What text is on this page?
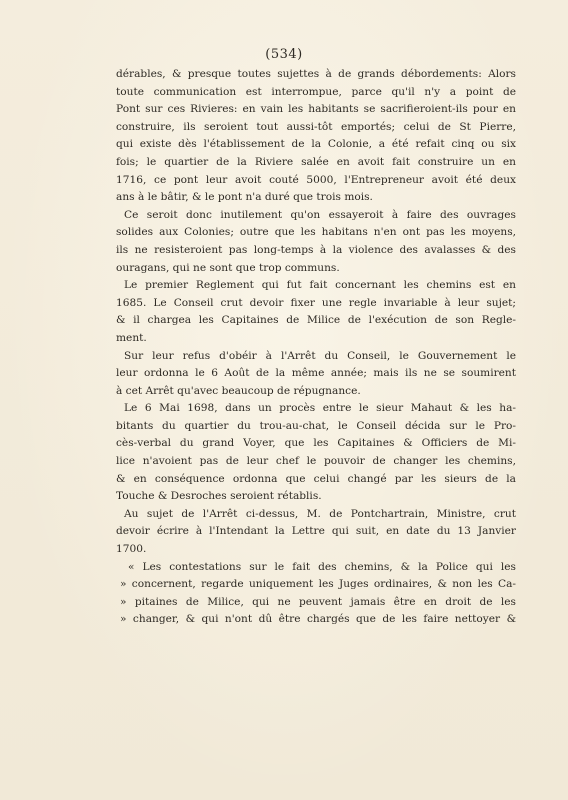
(534)

dérables, & presque toutes sujettes à de grands débordements: Alors

toute communication est interrompue, parce qu'il n'y a point de

Pont sur ces Rivieres: en vain les habitants se sacrifieroient-ils pour en

construire, ils seroient tout aussi-tôt emportés; celui de St Pierre,

qui existe dès l'établissement de la Colonie, a été refait cinq ou six

fois; le quartier de la Riviere salée en avoit fait construire un en

1716, ce pont leur avoit couté 5000, l'Entrepreneur avoit été deux

ans à le bâtir, & le pont n'a duré que trois mois.

Ce seroit donc inutilement qu'on essayeroit à faire des ouvrages

solides aux Colonies; outre que les habitans n'en ont pas les moyens,

ils ne resisteroient pas long-temps à la violence des avalasses & des

ouragans, qui ne sont que trop communs.

Le premier Reglement qui fut fait concernant les chemins est en

1685. Le Conseil crut devoir fixer une regle invariable à leur sujet;

& il chargea les Capitaines de Milice de l'exécution de son Regle-

ment.

Sur leur refus d'obéir à l'Arrêt du Conseil, le Gouvernement le

leur ordonna le 6 Août de la même année; mais ils ne se soumirent

à cet Arrêt qu'avec beaucoup de répugnance.

Le 6 Mai 1698, dans un procès entre le sieur Mahaut & les ha-

bitants du quartier du trou-au-chat, le Conseil décida sur le Pro-

cès-verbal du grand Voyer, que les Capitaines & Officiers de Mi-

lice n'avoient pas de leur chef le pouvoir de changer les chemins,

& en conséquence ordonna que celui changé par les sieurs de la

Touche & Desroches seroient rétablis.

Au sujet de l'Arrêt ci-dessus, M. de Pontchartrain, Ministre, crut

devoir écrire à l'Intendant la Lettre qui suit, en date du 13 Janvier

1700.

« Les contestations sur le fait des chemins, & la Police qui les

» concernent, regarde uniquement les Juges ordinaires, & non les Ca-

» pitaines de Milice, qui ne peuvent jamais être en droit de les

» changer, & qui n'ont dû être chargés que de les faire nettoyer &
